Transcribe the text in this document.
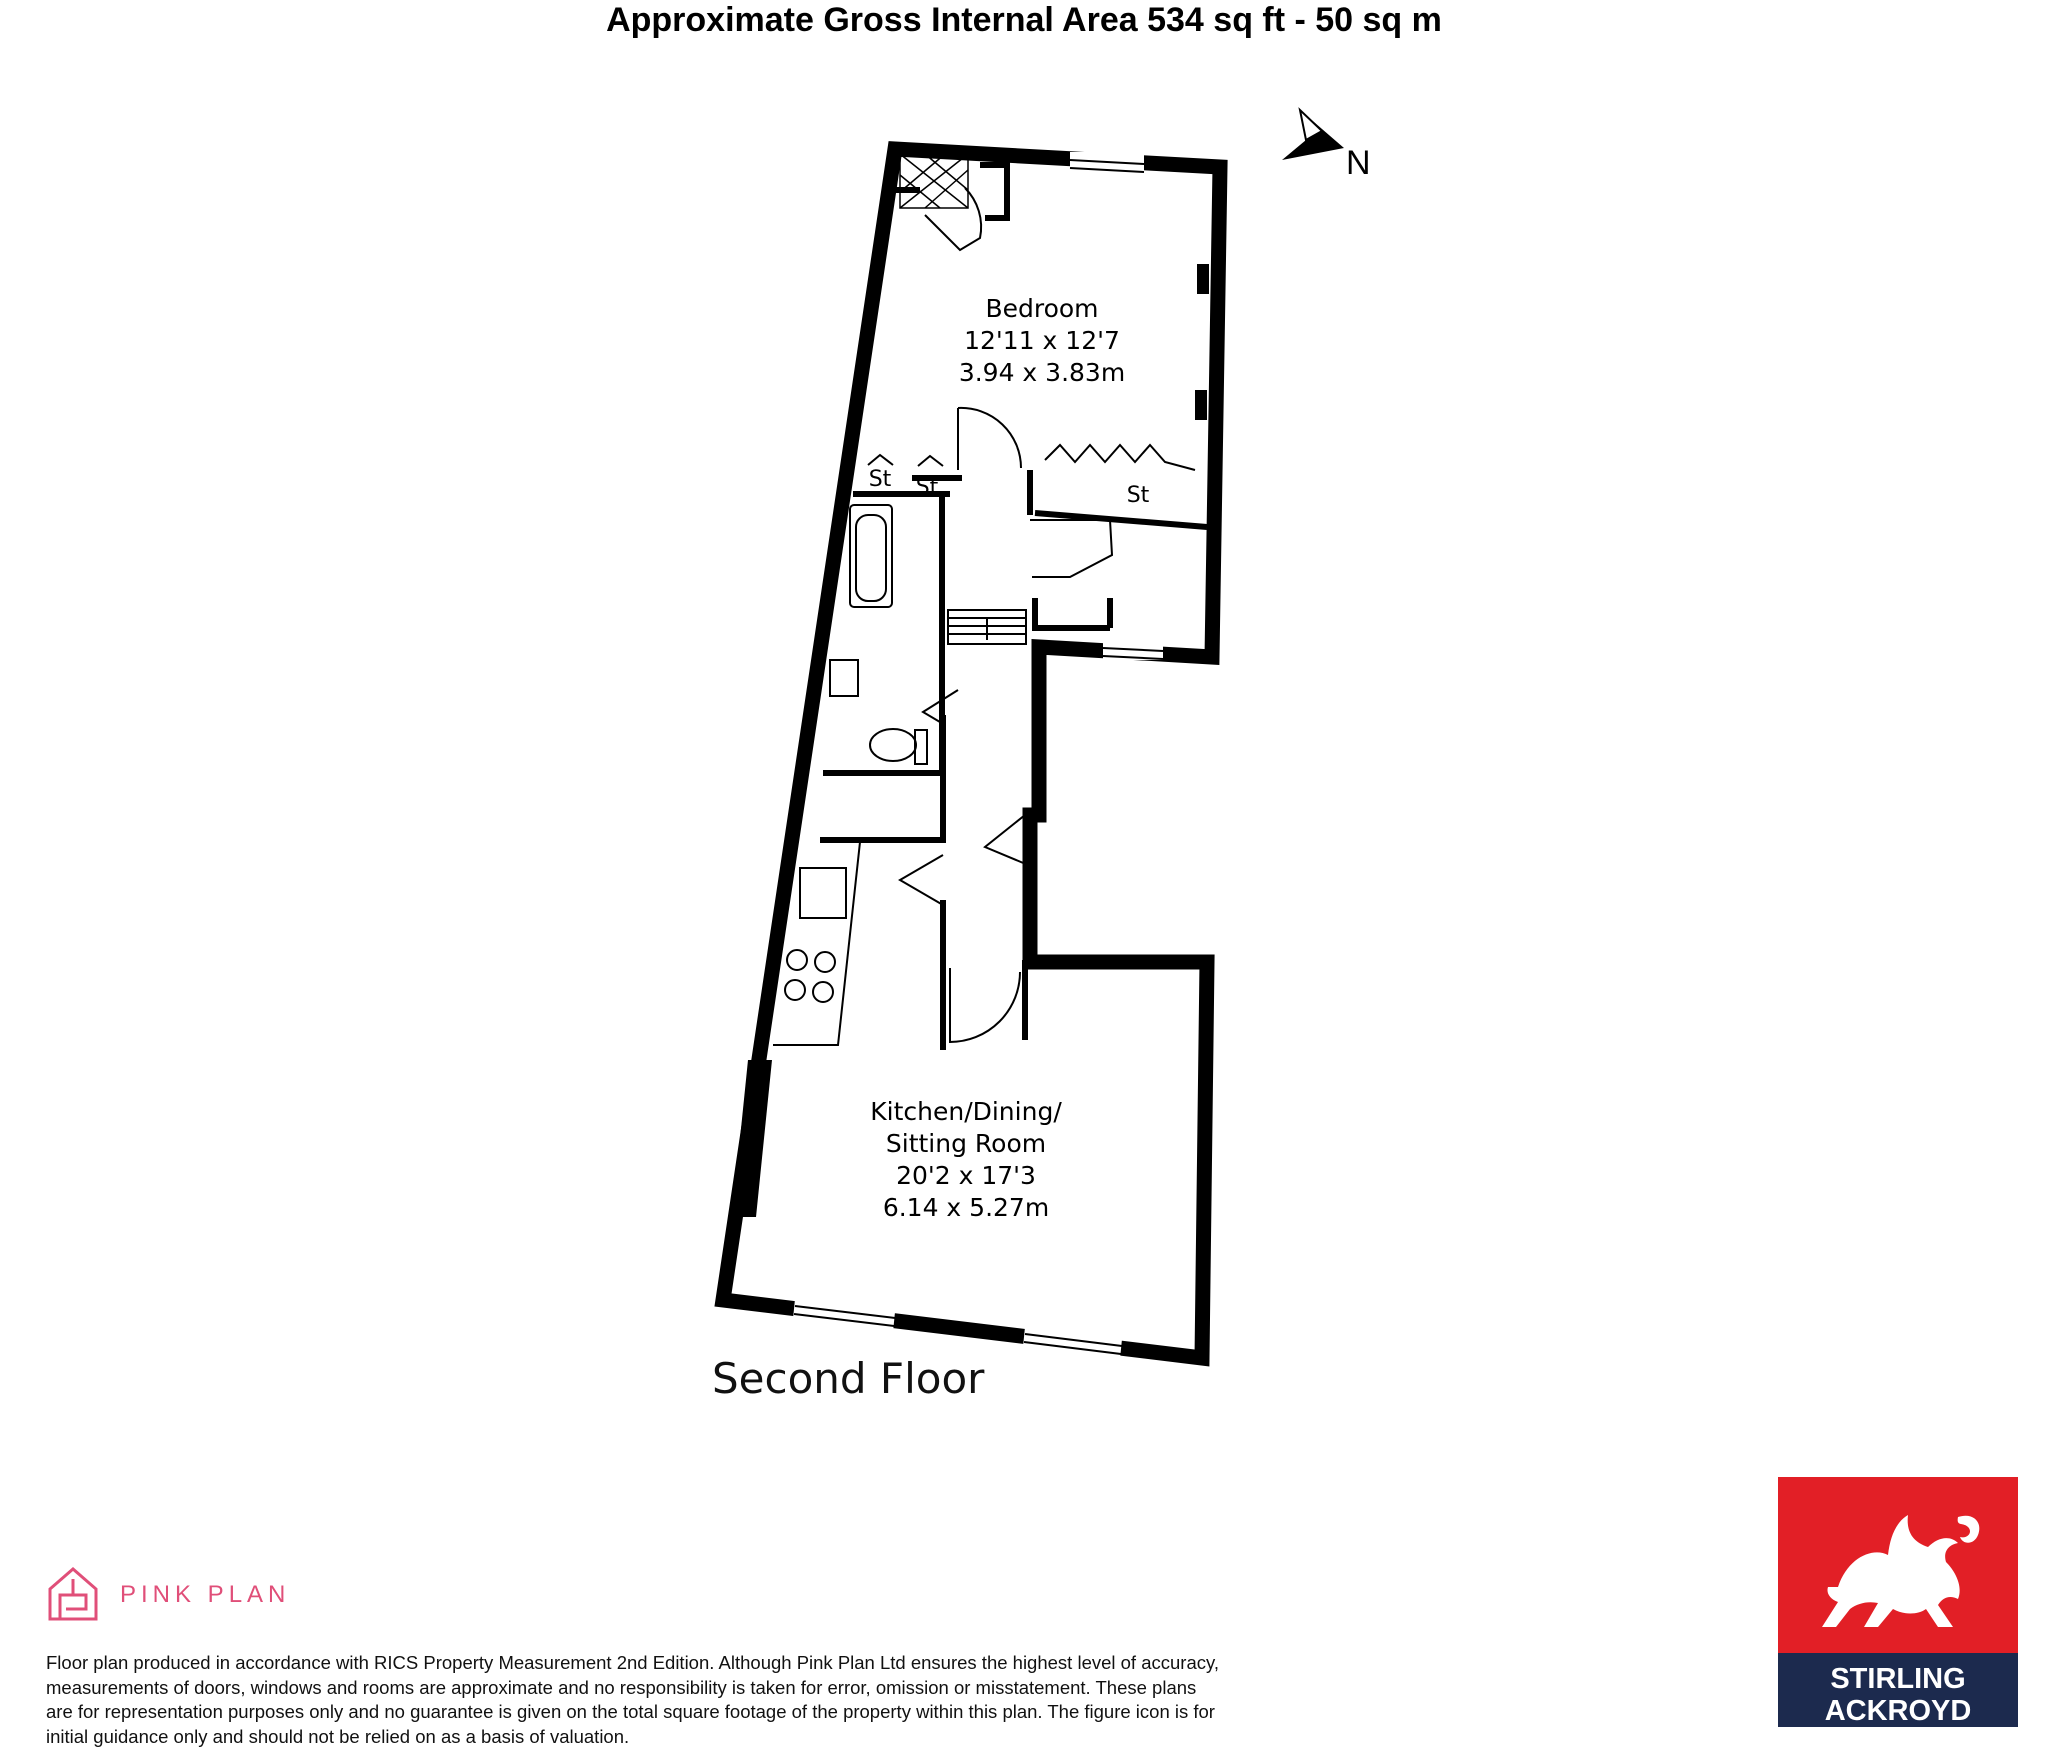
Approximate Gross Internal Area 534 sq ft - 50 sq m
Bedroom
12'11 x 12'7
3.94 x 3.83m
St St	St
Kitchen/Dining/
Sitting Room
20'2 x 17'3
6.14 x 5.27m
Second Floor
N
PINK PLAN
Floor plan produced in accordance with RICS Property Measurement 2nd Edition. Although Pink Plan Ltd ensures the highest level of accuracy, measurements of doors, windows and rooms are approximate and no responsibility is taken for error, omission or misstatement. These plans are for representation purposes only and no guarantee is given on the total square footage of the property within this plan. The figure icon is for initial guidance only and should not be relied on as a basis of valuation.
STIRLING
ACKROYD
